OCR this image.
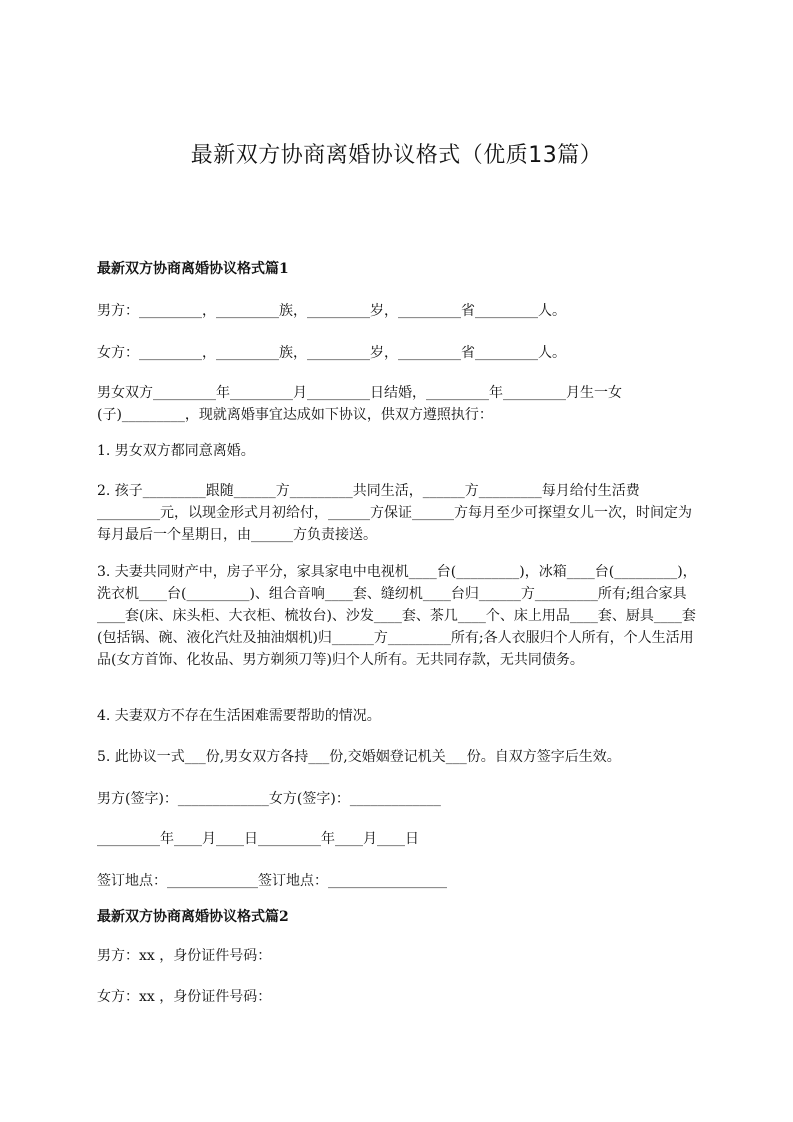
最新双方协商离婚协议格式（优质13篇）
最新双方协商离婚协议格式篇1

男方：_________，_________族，_________岁，_________省_________人。

女方：_________，_________族，_________岁，_________省_________人。

男女双方_________年_________月_________日结婚，_________年_________月生一女(子)_________，现就离婚事宜达成如下协议，供双方遵照执行：

1. 男女双方都同意离婚。

2. 孩子_________跟随______方_________共同生活，______方_________每月给付生活费_________元，以现金形式月初给付，______方保证______方每月至少可探望女儿一次，时间定为每月最后一个星期日，由______方负责接送。

3. 夫妻共同财产中，房子平分，家具家电中电视机____台(_________)，冰箱____台(_________)，洗衣机____台(_________)、组合音响____套、缝纫机____台归______方_________所有;组合家具____套(床、床头柜、大衣柜、梳妆台)、沙发____套、茶几____个、床上用品____套、厨具____套(包括锅、碗、液化汽灶及抽油烟机)归______方_________所有;各人衣服归个人所有，个人生活用品(女方首饰、化妆品、男方剃须刀等)归个人所有。无共同存款，无共同债务。

4. 夫妻双方不存在生活困难需要帮助的情况。

5. 此协议一式___份,男女双方各持___份,交婚姻登记机关___份。自双方签字后生效。

男方(签字)：_____________女方(签字)：_____________

_________年____月____日_________年____月____日

签订地点：_____________签订地点：_________________

最新双方协商离婚协议格式篇2

男方：xx ，身份证件号码：

女方：xx ，身份证件号码：
